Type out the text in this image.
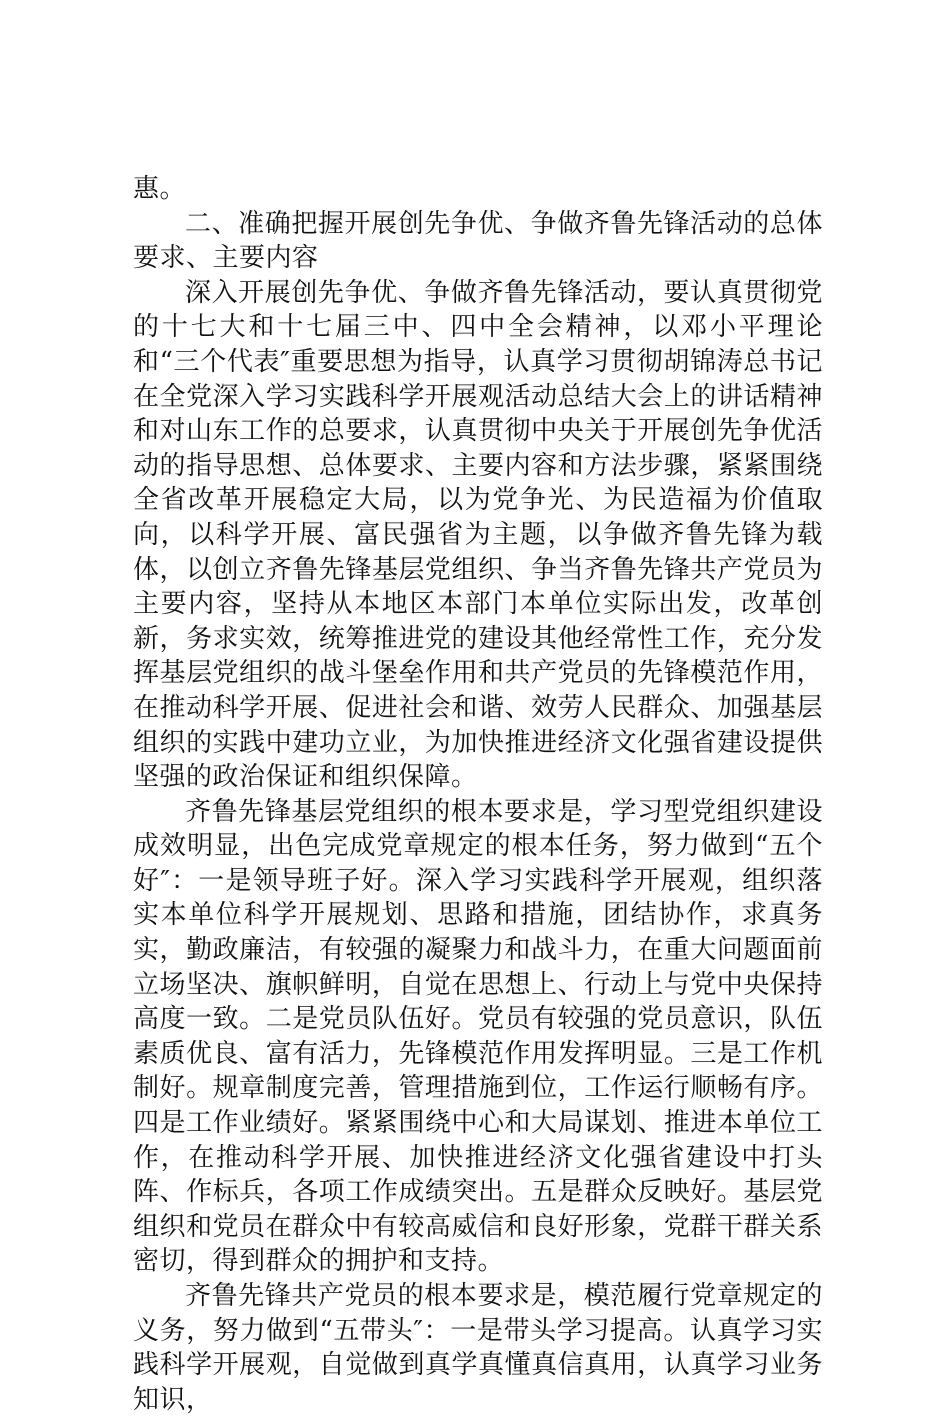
惠。

二、准确把握开展创先争优、争做齐鲁先锋活动的总体要求、主要内容

深入开展创先争优、争做齐鲁先锋活动，要认真贯彻党的十七大和十七届三中、四中全会精神，以邓小平理论和“三个代表″重要思想为指导，认真学习贯彻胡锦涛总书记在全党深入学习实践科学开展观活动总结大会上的讲话精神和对山东工作的总要求，认真贯彻中央关于开展创先争优活动的指导思想、总体要求、主要内容和方法步骤，紧紧围绕全省改革开展稳定大局，以为党争光、为民造福为价值取向，以科学开展、富民强省为主题，以争做齐鲁先锋为载体，以创立齐鲁先锋基层党组织、争当齐鲁先锋共产党员为主要内容，坚持从本地区本部门本单位实际出发，改革创新，务求实效，统筹推进党的建设其他经常性工作，充分发挥基层党组织的战斗堡垒作用和共产党员的先锋模范作用，在推动科学开展、促进社会和谐、效劳人民群众、加强基层组织的实践中建功立业，为加快推进经济文化强省建设提供坚强的政治保证和组织保障。

齐鲁先锋基层党组织的根本要求是，学习型党组织建设成效明显，出色完成党章规定的根本任务，努力做到“五个好″：一是领导班子好。深入学习实践科学开展观，组织落实本单位科学开展规划、思路和措施，团结协作，求真务实，勤政廉洁，有较强的凝聚力和战斗力，在重大问题面前立场坚决、旗帜鲜明，自觉在思想上、行动上与党中央保持高度一致。二是党员队伍好。党员有较强的党员意识，队伍素质优良、富有活力，先锋模范作用发挥明显。三是工作机制好。规章制度完善，管理措施到位，工作运行顺畅有序。四是工作业绩好。紧紧围绕中心和大局谋划、推进本单位工作，在推动科学开展、加快推进经济文化强省建设中打头阵、作标兵，各项工作成绩突出。五是群众反映好。基层党组织和党员在群众中有较高威信和良好形象，党群干群关系密切，得到群众的拥护和支持。

齐鲁先锋共产党员的根本要求是，模范履行党章规定的义务，努力做到“五带头″：一是带头学习提高。认真学习实践科学开展观，自觉做到真学真懂真信真用，认真学习业务知识，
